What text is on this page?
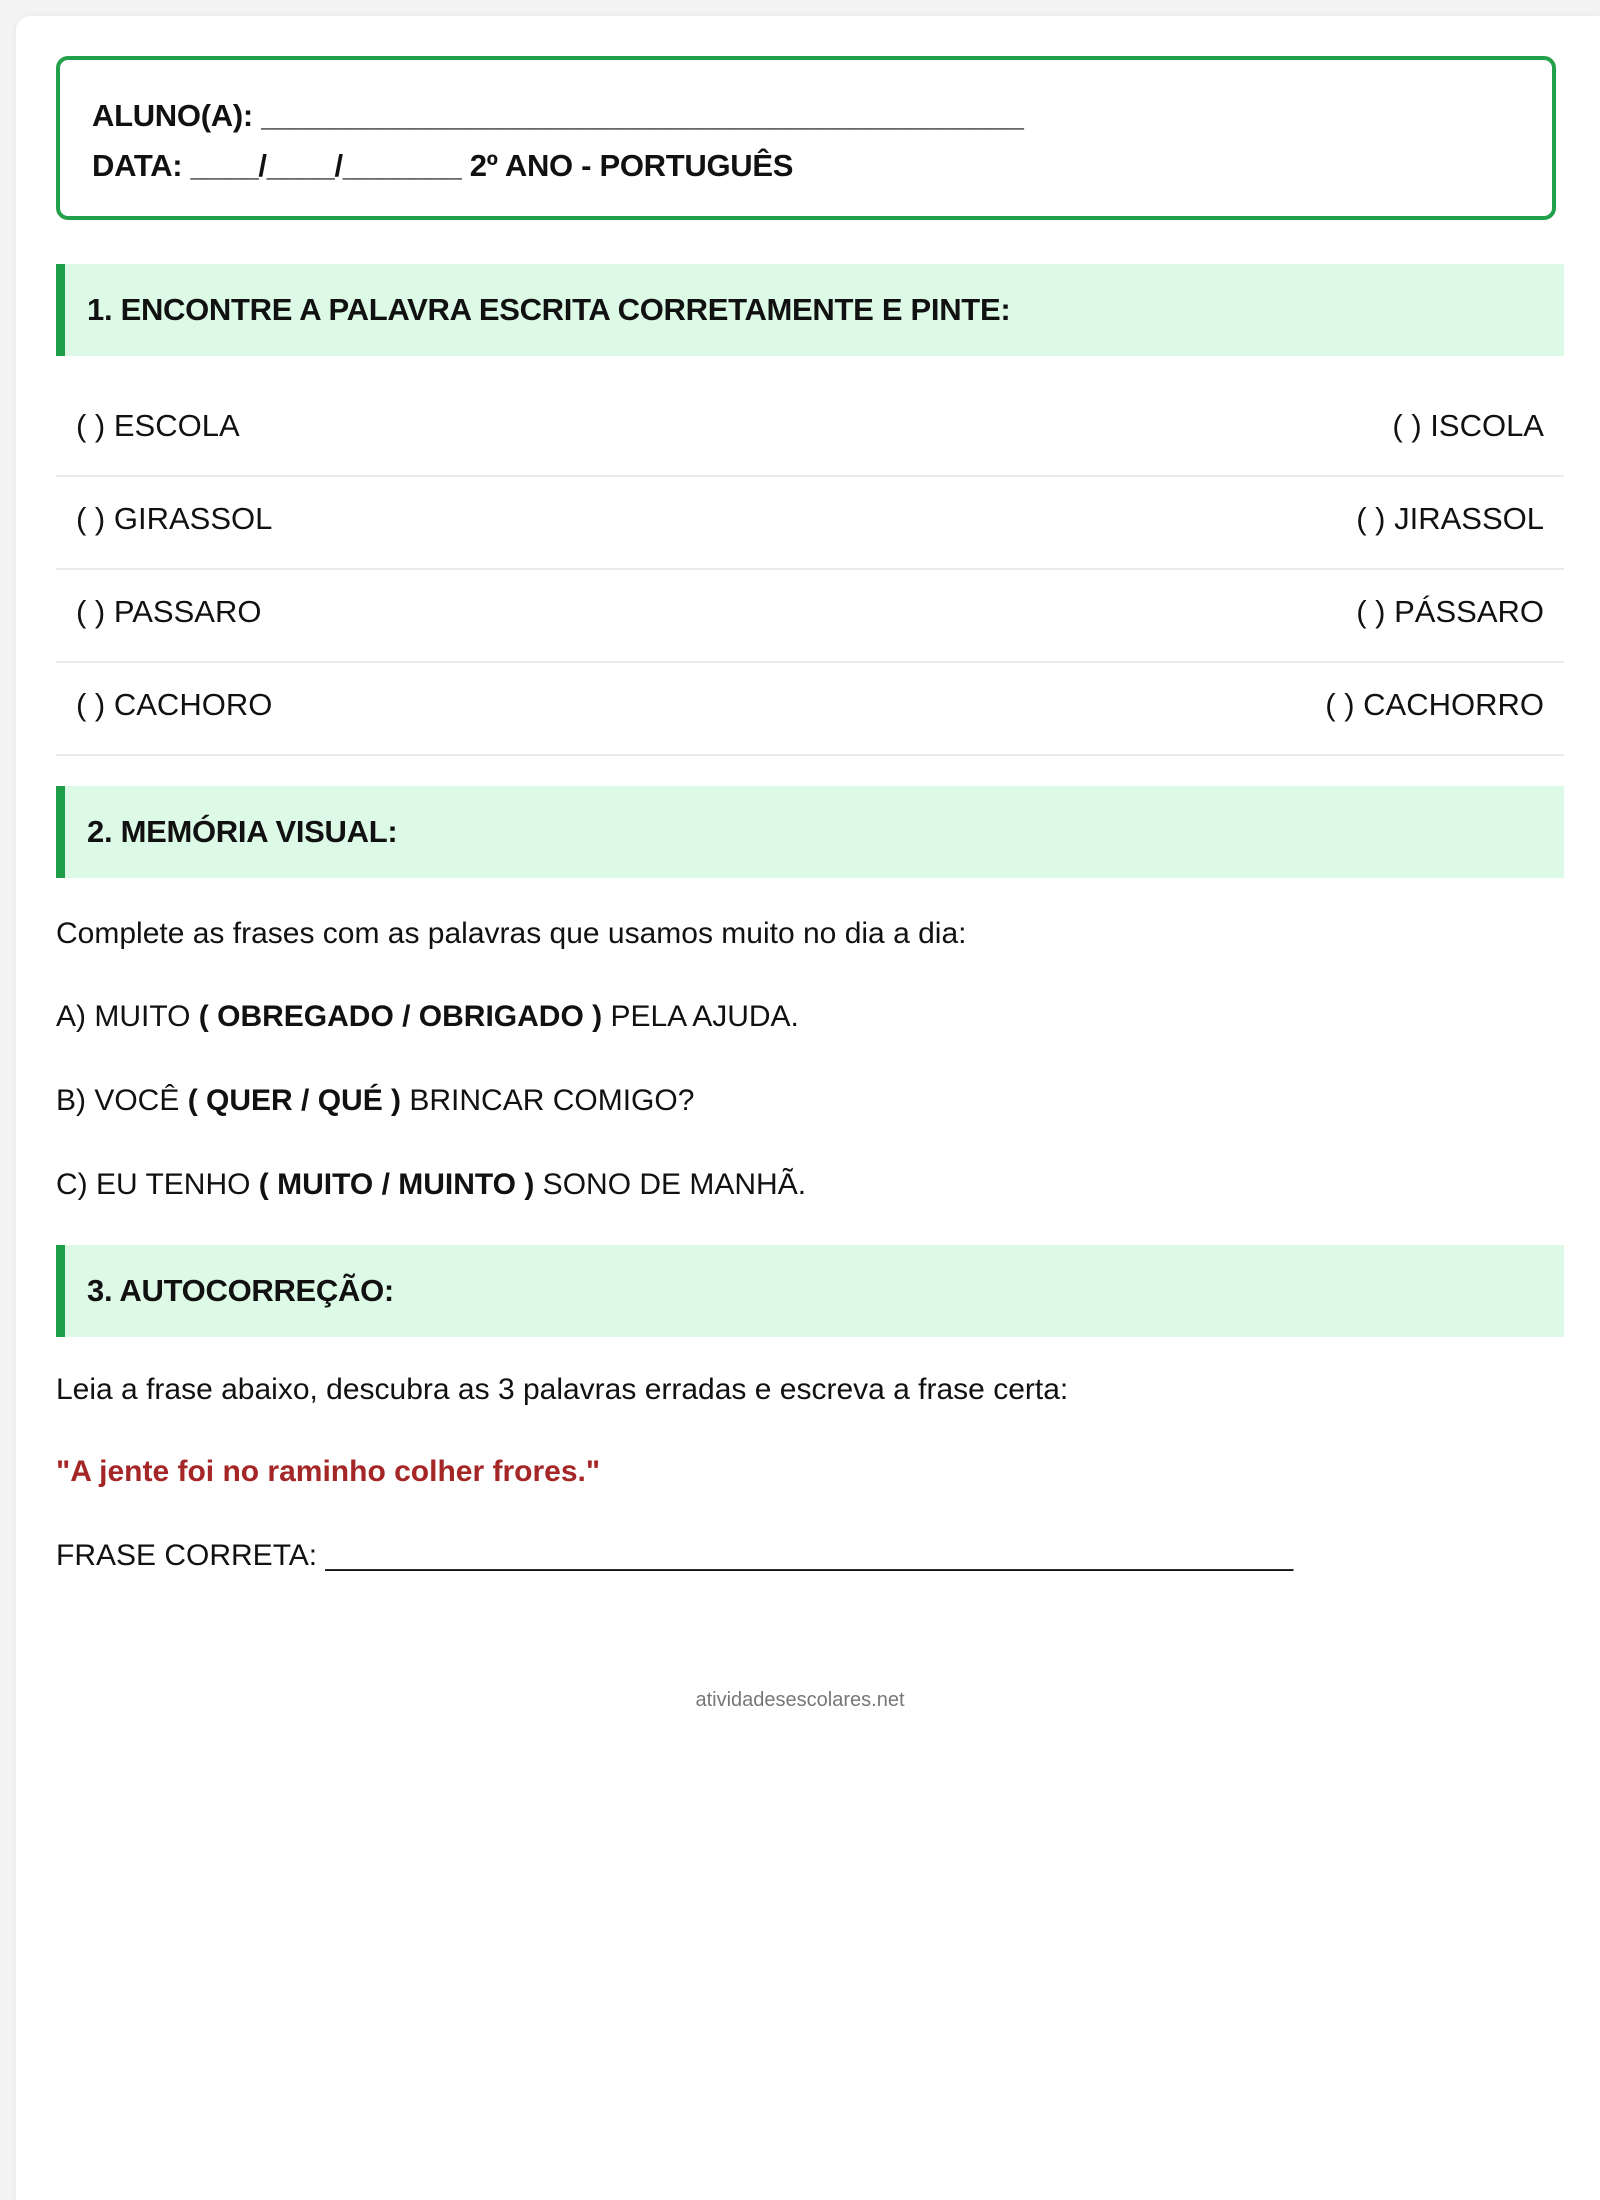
ALUNO(A): _____________________________________________
DATA: ____/____/_______ 2º ANO - PORTUGUÊS
1. ENCONTRE A PALAVRA ESCRITA CORRETAMENTE E PINTE:
( ) ESCOLA	( ) ISCOLA
( ) GIRASSOL	( ) JIRASSOL
( ) PASSARO	( ) PÁSSARO
( ) CACHORO	( ) CACHORRO
2. MEMÓRIA VISUAL:
Complete as frases com as palavras que usamos muito no dia a dia:
A) MUITO ( OBREGADO / OBRIGADO ) PELA AJUDA.
B) VOCÊ ( QUER / QUÉ ) BRINCAR COMIGO?
C) EU TENHO ( MUITO / MUINTO ) SONO DE MANHÃ.
3. AUTOCORREÇÃO:
Leia a frase abaixo, descubra as 3 palavras erradas e escreva a frase certa:
"A jente foi no raminho colher frores."
FRASE CORRETA: __________________________________________________________
atividadesescolares.net
